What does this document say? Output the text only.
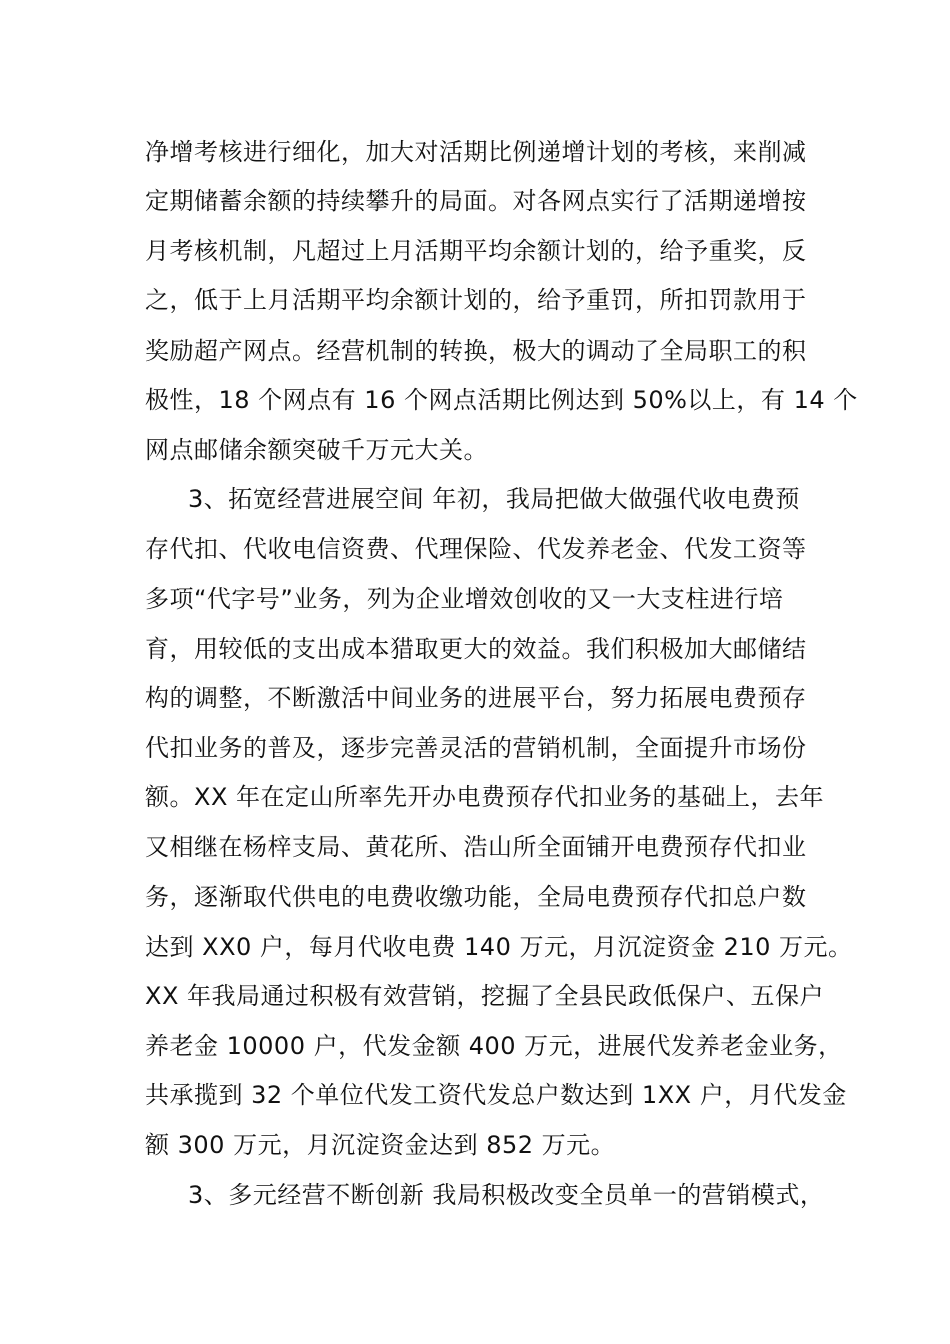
净增考核进行细化，加大对活期比例递增计划的考核，来削减
定期储蓄余额的持续攀升的局面。对各网点实行了活期递增按
月考核机制，凡超过上月活期平均余额计划的，给予重奖，反
之，低于上月活期平均余额计划的，给予重罚，所扣罚款用于
奖励超产网点。经营机制的转换，极大的调动了全局职工的积
极性，18 个网点有 16 个网点活期比例达到 50%以上，有 14 个
网点邮储余额突破千万元大关。
3、拓宽经营进展空间 年初，我局把做大做强代收电费预
存代扣、代收电信资费、代理保险、代发养老金、代发工资等
多项“代字号”业务，列为企业增效创收的又一大支柱进行培
育，用较低的支出成本猎取更大的效益。我们积极加大邮储结
构的调整，不断激活中间业务的进展平台，努力拓展电费预存
代扣业务的普及，逐步完善灵活的营销机制，全面提升市场份
额。XX 年在定山所率先开办电费预存代扣业务的基础上，去年
又相继在杨梓支局、黄花所、浩山所全面铺开电费预存代扣业
务，逐渐取代供电的电费收缴功能，全局电费预存代扣总户数
达到 XX0 户，每月代收电费 140 万元，月沉淀资金 210 万元。
XX 年我局通过积极有效营销，挖掘了全县民政低保户、五保户
养老金 10000 户，代发金额 400 万元，进展代发养老金业务，
共承揽到 32 个单位代发工资代发总户数达到 1XX 户，月代发金
额 300 万元，月沉淀资金达到 852 万元。
3、多元经营不断创新 我局积极改变全员单一的营销模式，
